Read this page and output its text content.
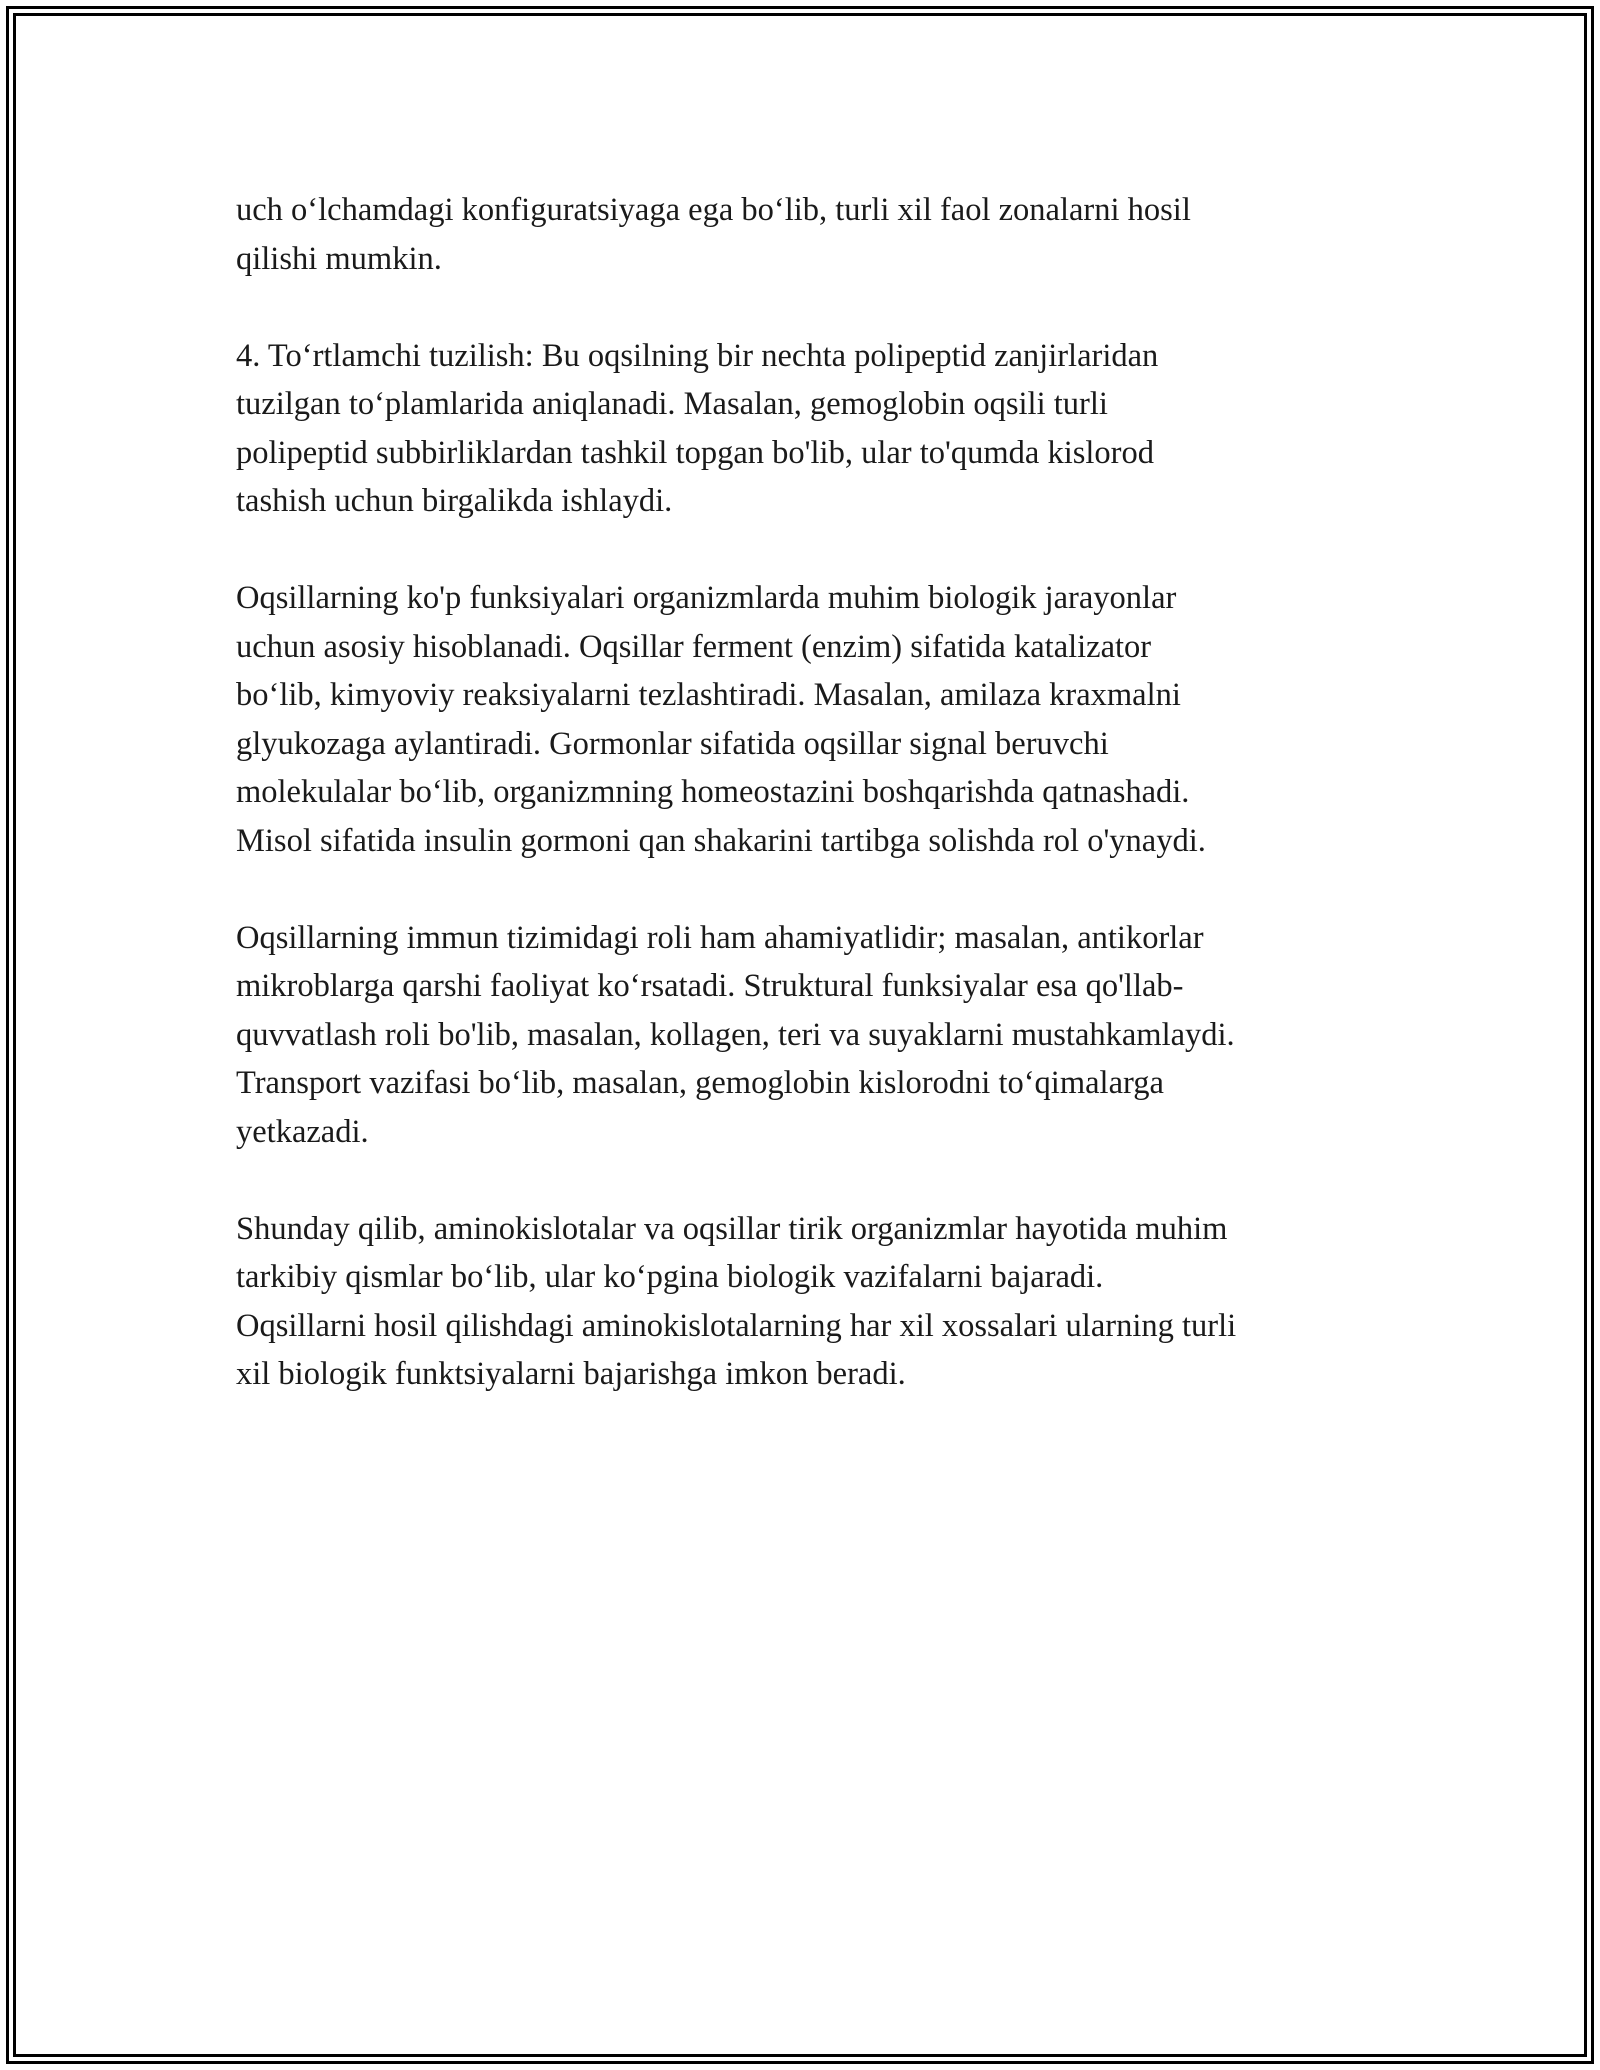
uch o‘lchamdagi konfiguratsiyaga ega bo‘lib, turli xil faol zonalarni hosil
qilishi mumkin.

4. To‘rtlamchi tuzilish: Bu oqsilning bir nechta polipeptid zanjirlaridan
tuzilgan to‘plamlarida aniqlanadi. Masalan, gemoglobin oqsili turli
polipeptid subbirliklardan tashkil topgan bo'lib, ular to'qumda kislorod
tashish uchun birgalikda ishlaydi.

Oqsillarning ko'p funksiyalari organizmlarda muhim biologik jarayonlar
uchun asosiy hisoblanadi. Oqsillar ferment (enzim) sifatida katalizator
bo‘lib, kimyoviy reaksiyalarni tezlashtiradi. Masalan, amilaza kraxmalni
glyukozaga aylantiradi. Gormonlar sifatida oqsillar signal beruvchi
molekulalar bo‘lib, organizmning homeostazini boshqarishda qatnashadi.
Misol sifatida insulin gormoni qan shakarini tartibga solishda rol o'ynaydi.

Oqsillarning immun tizimidagi roli ham ahamiyatlidir; masalan, antikorlar
mikroblarga qarshi faoliyat ko‘rsatadi. Struktural funksiyalar esa qo'llab-
quvvatlash roli bo'lib, masalan, kollagen, teri va suyaklarni mustahkamlaydi.
Transport vazifasi bo‘lib, masalan, gemoglobin kislorodni to‘qimalarga
yetkazadi.

Shunday qilib, aminokislotalar va oqsillar tirik organizmlar hayotida muhim
tarkibiy qismlar bo‘lib, ular ko‘pgina biologik vazifalarni bajaradi.
Oqsillarni hosil qilishdagi aminokislotalarning har xil xossalari ularning turli
xil biologik funktsiyalarni bajarishga imkon beradi.
